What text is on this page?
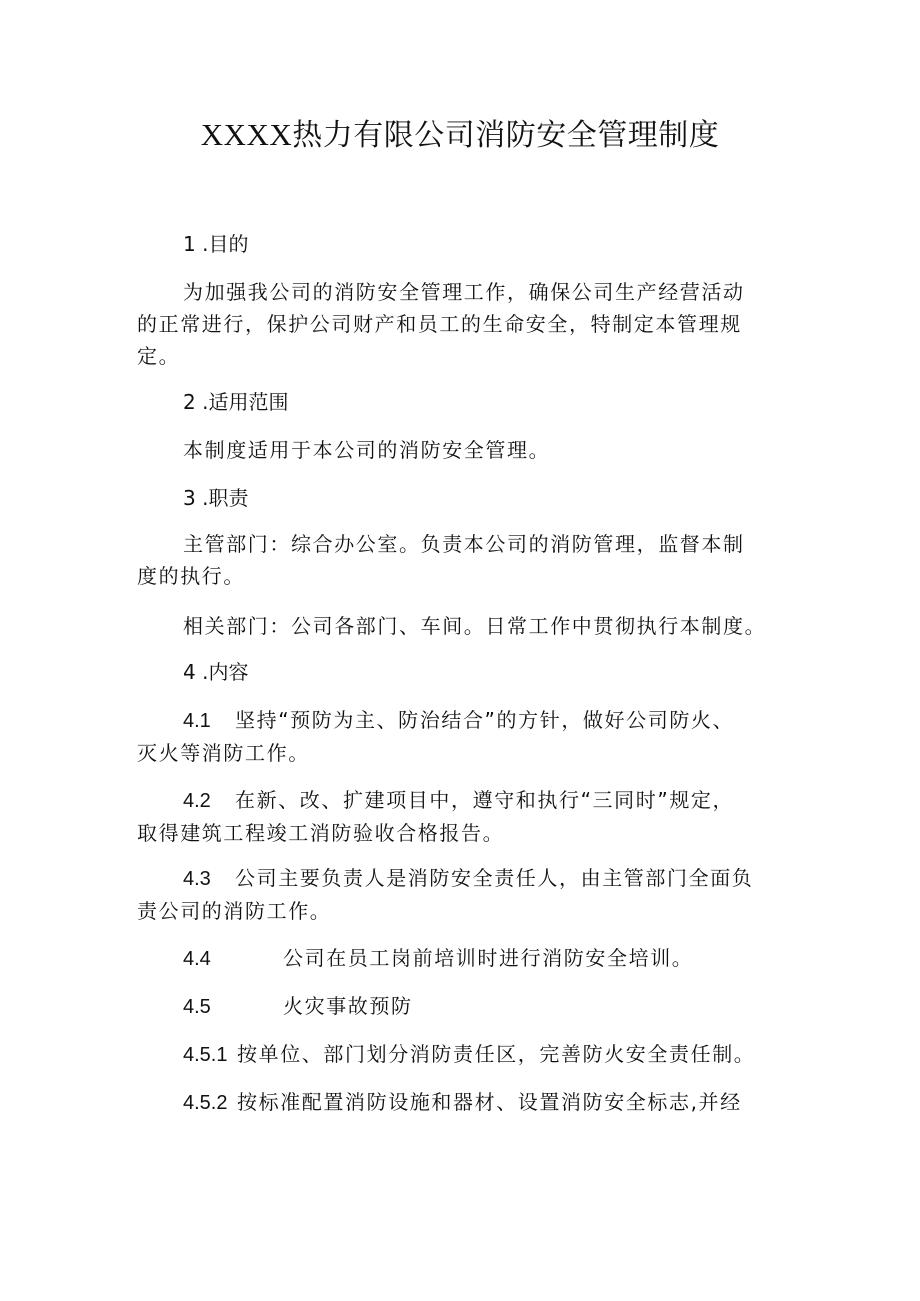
XXXX热力有限公司消防安全管理制度
1 .目的

为加强我公司的消防安全管理工作，确保公司生产经营活动
的正常进行，保护公司财产和员工的生命安全，特制定本管理规
定。

2 .适用范围

本制度适用于本公司的消防安全管理。

3 .职责

主管部门：综合办公室。负责本公司的消防管理，监督本制
度的执行。

相关部门：公司各部门、车间。日常工作中贯彻执行本制度。

4 .内容

4.1 坚持“预防为主、防治结合”的方针，做好公司防火、
灭火等消防工作。

4.2 在新、改、扩建项目中，遵守和执行“三同时”规定，
取得建筑工程竣工消防验收合格报告。

4.3 公司主要负责人是消防安全责任人，由主管部门全面负
责公司的消防工作。

4.4	公司在员工岗前培训时进行消防安全培训。

4.5	火灾事故预防

4.5.1 按单位、部门划分消防责任区，完善防火安全责任制。

4.5.2 按标准配置消防设施和器材、设置消防安全标志,并经
